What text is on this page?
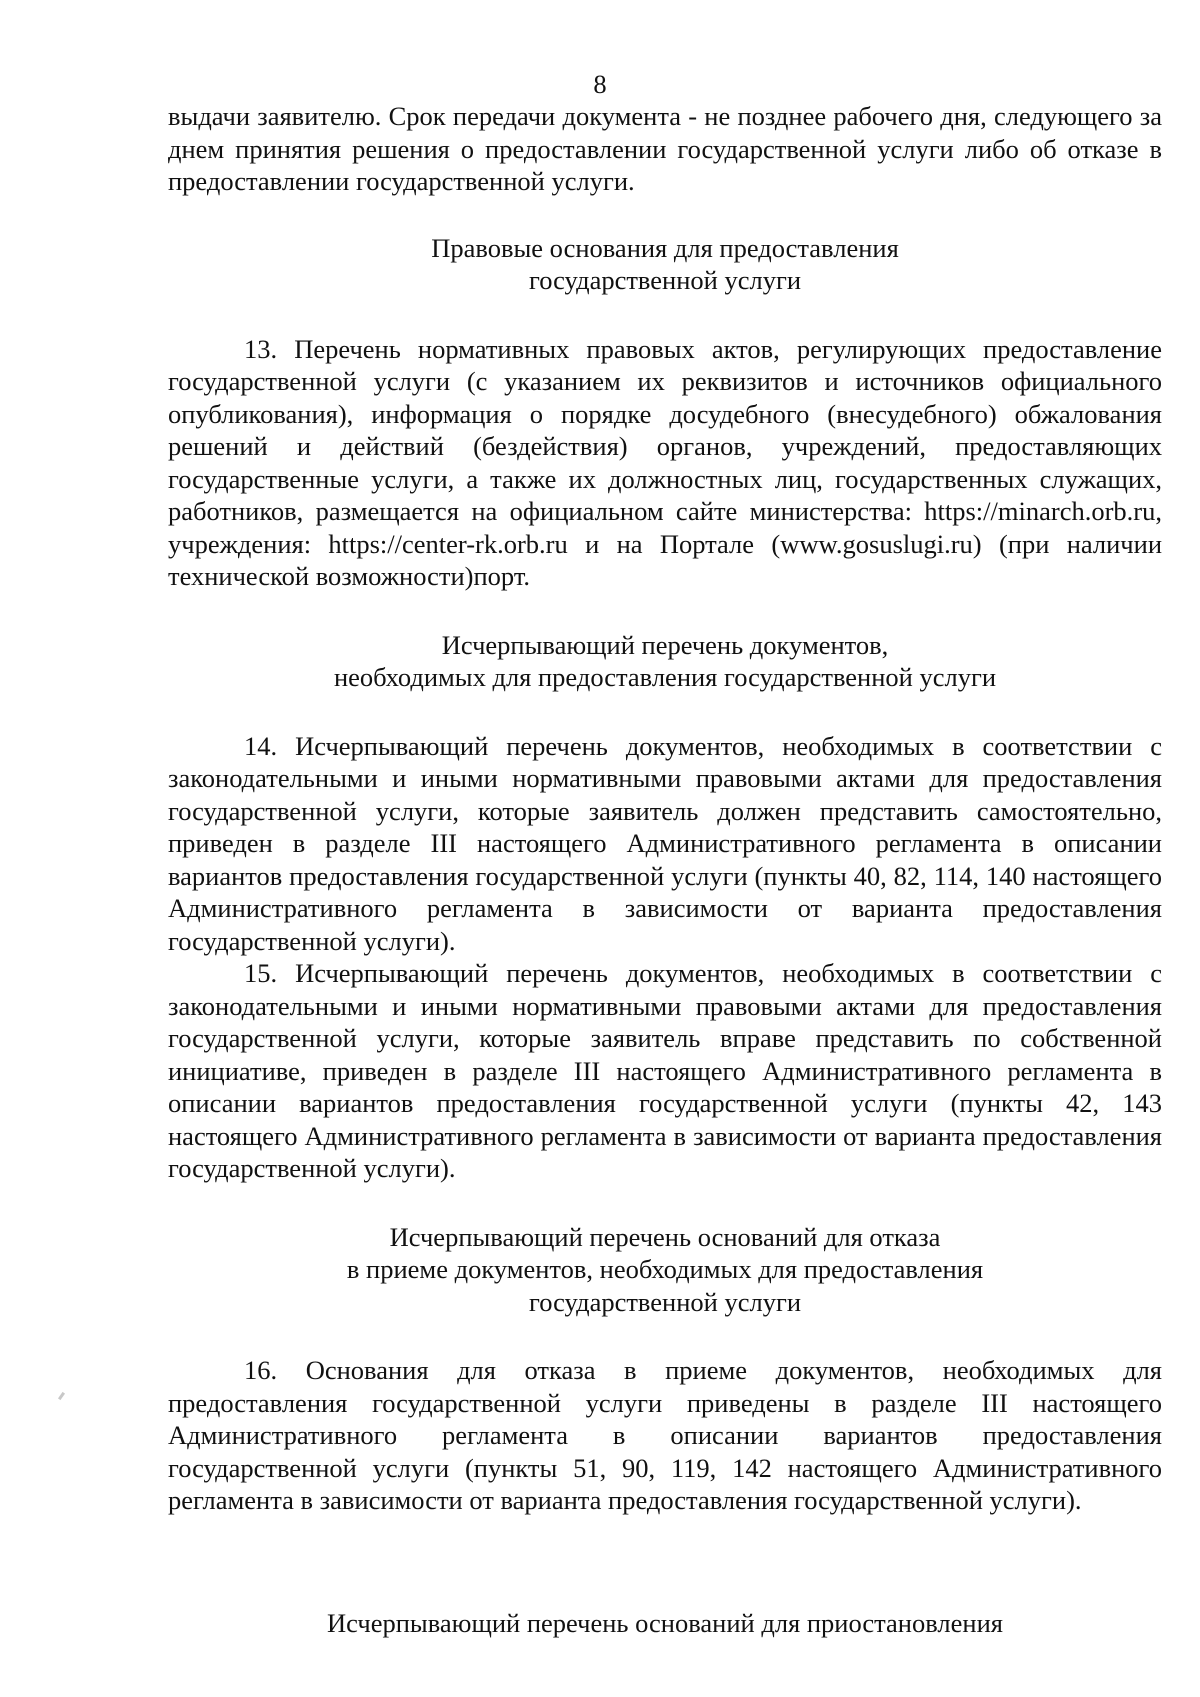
8

выдачи заявителю. Срок передачи документа - не позднее рабочего дня, следующего за днем принятия решения о предоставлении государственной услуги либо об отказе в предоставлении государственной услуги.

Правовые основания для предоставления
государственной услуги

13. Перечень нормативных правовых актов, регулирующих предоставление государственной услуги (с указанием их реквизитов и источников официального опубликования), информация о порядке досудебного (внесудебного) обжалования решений и действий (бездействия) органов, учреждений, предоставляющих государственные услуги, а также их должностных лиц, государственных служащих, работников, размещается на официальном сайте министерства: https://minarch.orb.ru, учреждения: https://center-rk.orb.ru и на Портале (www.gosuslugi.ru) (при наличии технической возможности)порт.

Исчерпывающий перечень документов,
необходимых для предоставления государственной услуги

14. Исчерпывающий перечень документов, необходимых в соответствии с законодательными и иными нормативными правовыми актами для предоставления государственной услуги, которые заявитель должен представить самостоятельно, приведен в разделе III настоящего Административного регламента в описании вариантов предоставления государственной услуги (пункты 40, 82, 114, 140 настоящего Административного регламента в зависимости от варианта предоставления государственной услуги).

15. Исчерпывающий перечень документов, необходимых в соответствии с законодательными и иными нормативными правовыми актами для предоставления государственной услуги, которые заявитель вправе представить по собственной инициативе, приведен в разделе III настоящего Административного регламента в описании вариантов предоставления государственной услуги (пункты 42, 143 настоящего Административного регламента в зависимости от варианта предоставления государственной услуги).

Исчерпывающий перечень оснований для отказа
в приеме документов, необходимых для предоставления
государственной услуги

16. Основания для отказа в приеме документов, необходимых для предоставления государственной услуги приведены в разделе III настоящего Административного регламента в описании вариантов предоставления государственной услуги (пункты 51, 90, 119, 142 настоящего Административного регламента в зависимости от варианта предоставления государственной услуги).

Исчерпывающий перечень оснований для приостановления
